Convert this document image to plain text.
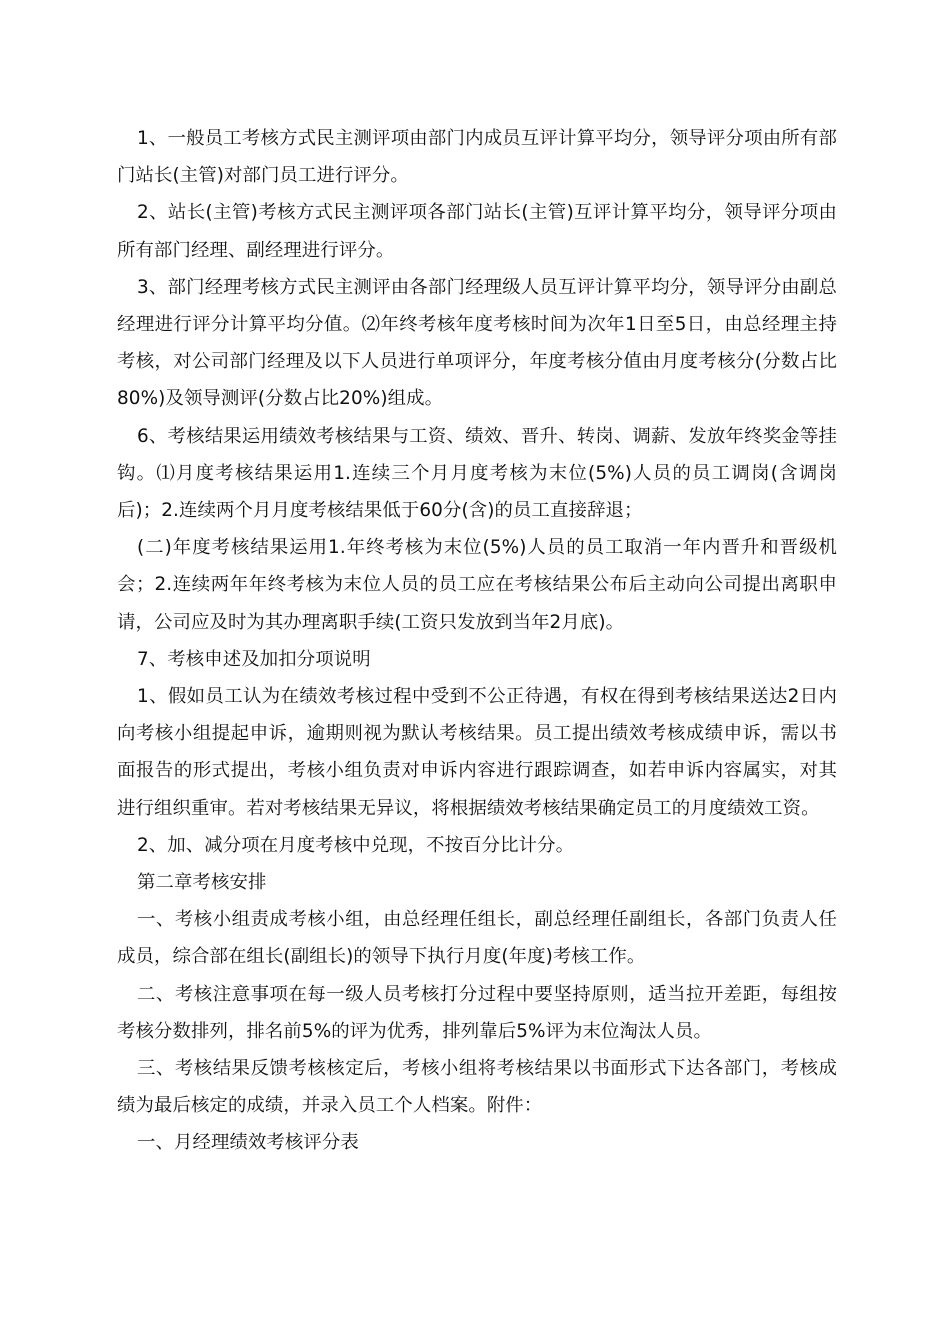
1、一般员工考核方式民主测评项由部门内成员互评计算平均分，领导评分项由所有部门站长(主管)对部门员工进行评分。

2、站长(主管)考核方式民主测评项各部门站长(主管)互评计算平均分，领导评分项由所有部门经理、副经理进行评分。

3、部门经理考核方式民主测评由各部门经理级人员互评计算平均分，领导评分由副总经理进行评分计算平均分值。⑵年终考核年度考核时间为次年1日至5日，由总经理主持考核，对公司部门经理及以下人员进行单项评分，年度考核分值由月度考核分(分数占比80%)及领导测评(分数占比20%)组成。

6、考核结果运用绩效考核结果与工资、绩效、晋升、转岗、调薪、发放年终奖金等挂钩。⑴月度考核结果运用1.连续三个月月度考核为末位(5%)人员的员工调岗(含调岗后)；2.连续两个月月度考核结果低于60分(含)的员工直接辞退；

(二)年度考核结果运用1.年终考核为末位(5%)人员的员工取消一年内晋升和晋级机会；2.连续两年年终考核为末位人员的员工应在考核结果公布后主动向公司提出离职申请，公司应及时为其办理离职手续(工资只发放到当年2月底)。

7、考核申述及加扣分项说明

1、假如员工认为在绩效考核过程中受到不公正待遇，有权在得到考核结果送达2日内向考核小组提起申诉，逾期则视为默认考核结果。员工提出绩效考核成绩申诉，需以书面报告的形式提出，考核小组负责对申诉内容进行跟踪调查，如若申诉内容属实，对其进行组织重审。若对考核结果无异议，将根据绩效考核结果确定员工的月度绩效工资。

2、加、减分项在月度考核中兑现，不按百分比计分。

第二章考核安排

一、考核小组责成考核小组，由总经理任组长，副总经理任副组长，各部门负责人任成员，综合部在组长(副组长)的领导下执行月度(年度)考核工作。

二、考核注意事项在每一级人员考核打分过程中要坚持原则，适当拉开差距，每组按考核分数排列，排名前5%的评为优秀，排列靠后5%评为末位淘汰人员。

三、考核结果反馈考核核定后，考核小组将考核结果以书面形式下达各部门，考核成绩为最后核定的成绩，并录入员工个人档案。附件：

一、月经理绩效考核评分表
